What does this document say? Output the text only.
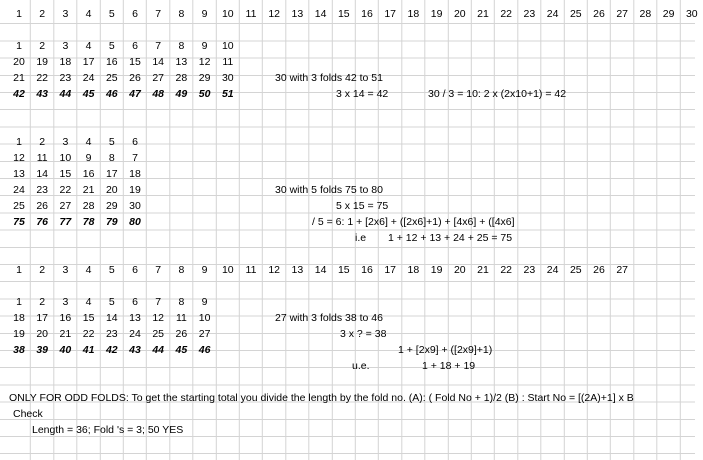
1	2	3	4	5	6	7	8	9	10	11	12	13	14	15	16	17	18	19	20	21	22	23	24	25	26	27	28	29	30
1	2	3	4	5	6	7	8	9	10
20	19	18	17	16	15	14	13	12	11
21	22	23	24	25	26	27	28	29	30
42	43	44	45	46	47	48	49	50	51
1	2	3	4	5	6
12	11	10	9	8	7
13	14	15	16	17	18
24	23	22	21	20	19
25	26	27	28	29	30
75	76	77	78	79	80
1	2	3	4	5	6	7	8	9	10	11	12	13	14	15	16	17	18	19	20	21	22	23	24	25	26	27
1	2	3	4	5	6	7	8	9
18	17	16	15	14	13	12	11	10
19	20	21	22	23	24	25	26	27
38	39	40	41	42	43	44	45	46
30 with 3 folds 42 to 51
3 x 14 = 42	30 / 3 = 10: 2 x (2x10+1) = 42
30 with 5 folds 75 to 80
5 x 15 = 75
/ 5 = 6: 1 + [2x6] + ([2x6]+1) + [4x6] + ([4x6]
i.e 1 + 12 + 13 + 24 + 25 = 75
27 with 3 folds 38 to 46
3 x ? = 38
1 + [2x9] + ([2x9]+1)
u.e.	1 + 18 + 19
ONLY FOR ODD FOLDS: To get the starting total you divide the length by the fold no. (A): ( Fold No + 1)/2 (B) : Start No = [(2A)+1] x B
Check
Length = 36; Fold 's = 3; 50 YES
